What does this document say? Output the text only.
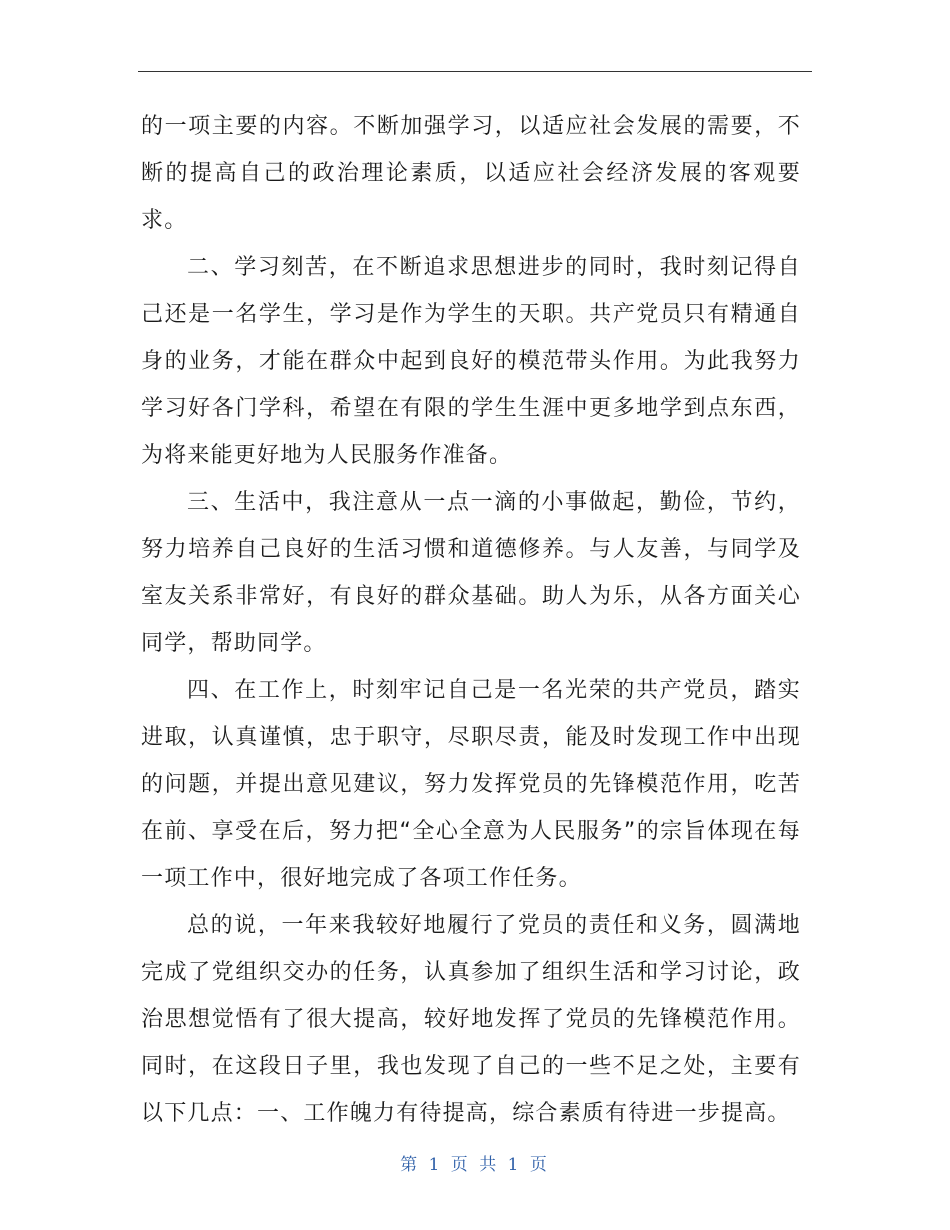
的一项主要的内容。不断加强学习，以适应社会发展的需要，不断的提高自己的政治理论素质，以适应社会经济发展的客观要求。

二、学习刻苦，在不断追求思想进步的同时，我时刻记得自己还是一名学生，学习是作为学生的天职。共产党员只有精通自身的业务，才能在群众中起到良好的模范带头作用。为此我努力学习好各门学科，希望在有限的学生生涯中更多地学到点东西，为将来能更好地为人民服务作准备。

三、生活中，我注意从一点一滴的小事做起，勤俭，节约，努力培养自己良好的生活习惯和道德修养。与人友善，与同学及室友关系非常好，有良好的群众基础。助人为乐，从各方面关心同学，帮助同学。

四、在工作上，时刻牢记自己是一名光荣的共产党员，踏实进取，认真谨慎，忠于职守，尽职尽责，能及时发现工作中出现的问题，并提出意见建议，努力发挥党员的先锋模范作用，吃苦在前、享受在后，努力把“全心全意为人民服务”的宗旨体现在每一项工作中，很好地完成了各项工作任务。

总的说，一年来我较好地履行了党员的责任和义务，圆满地完成了党组织交办的任务，认真参加了组织生活和学习讨论，政治思想觉悟有了很大提高，较好地发挥了党员的先锋模范作用。同时，在这段日子里，我也发现了自己的一些不足之处，主要有以下几点：一、工作魄力有待提高，综合素质有待进一步提高。

第 1 页 共 1 页
